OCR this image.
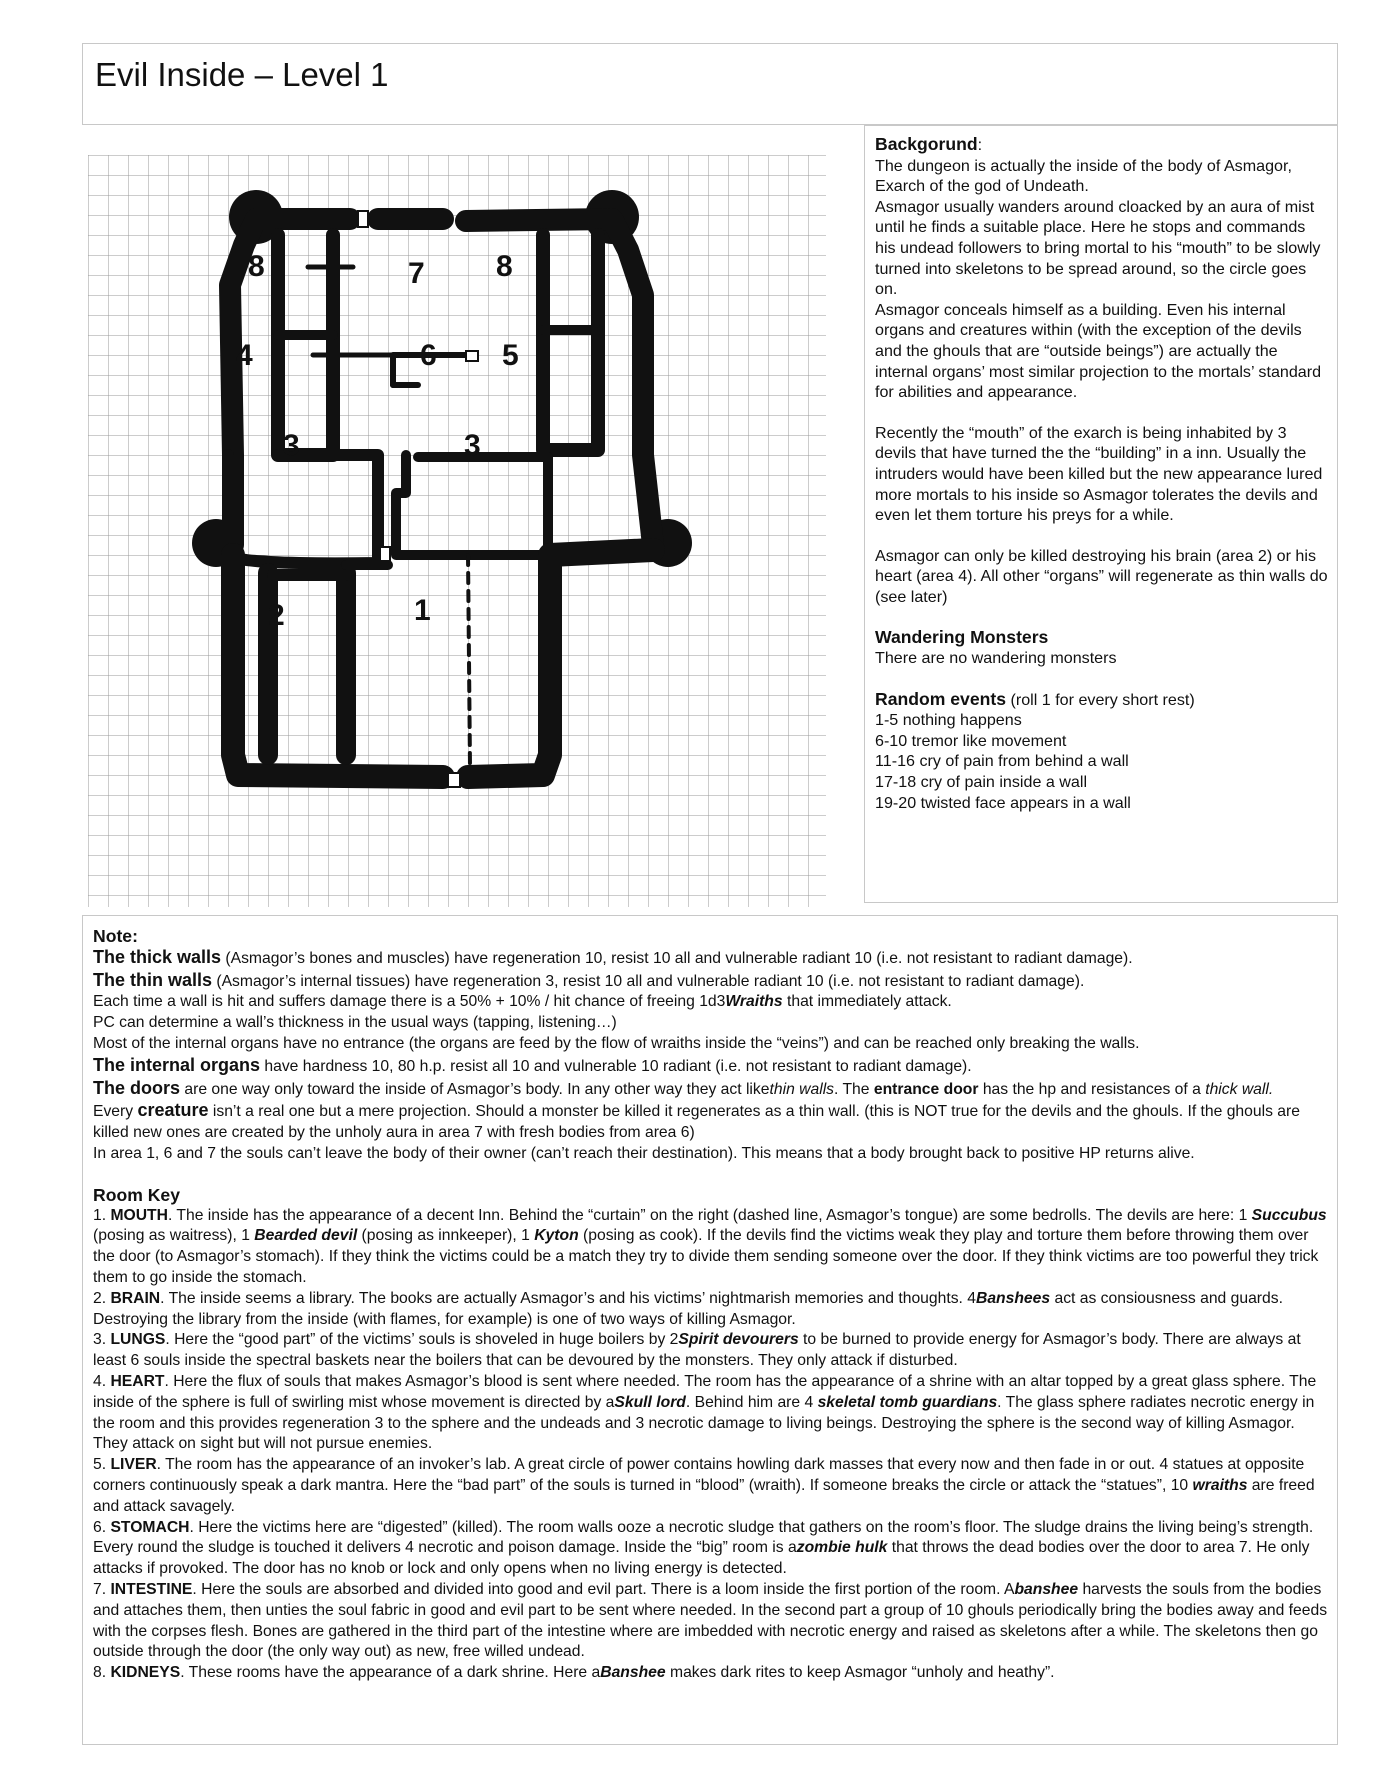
Evil Inside – Level 1
8	7 8
4	6 5
3	3
2	1

Backgorund:

The dungeon is actually the inside of the body of Asmagor, Exarch of the god of Undeath.

Asmagor usually wanders around cloacked by an aura of mist until he finds a suitable place. Here he stops and commands his undead followers to bring mortal to his “mouth” to be slowly turned into skeletons to be spread around, so the circle goes on.

Asmagor conceals himself as a building. Even his internal organs and creatures within (with the exception of the devils and the ghouls that are “outside beings”) are actually the internal organs’ most similar projection to the mortals’ standard for abilities and appearance.

Recently the “mouth” of the exarch is being inhabited by 3 devils that have turned the the “building” in a inn. Usually the intruders would have been killed but the new appearance lured more mortals to his inside so Asmagor tolerates the devils and even let them torture his preys for a while.

Asmagor can only be killed destroying his brain (area 2) or his heart (area 4). All other “organs” will regenerate as thin walls do (see later)

Wandering Monsters

There are no wandering monsters

Random events (roll 1 for every short rest)

1-5 nothing happens

6-10 tremor like movement

11-16 cry of pain from behind a wall

17-18 cry of pain inside a wall

19-20 twisted face appears in a wall

Note:

The thick walls (Asmagor’s bones and muscles) have regeneration 10, resist 10 all and vulnerable radiant 10 (i.e. not resistant to radiant damage).

The thin walls (Asmagor’s internal tissues) have regeneration 3, resist 10 all and vulnerable radiant 10 (i.e. not resistant to radiant damage).

Each time a wall is hit and suffers damage there is a 50% + 10% / hit chance of freeing 1d3Wraiths that immediately attack.

PC can determine a wall’s thickness in the usual ways (tapping, listening…)

Most of the internal organs have no entrance (the organs are feed by the flow of wraiths inside the “veins”) and can be reached only breaking the walls.

The internal organs have hardness 10, 80 h.p. resist all 10 and vulnerable 10 radiant (i.e. not resistant to radiant damage).

The doors are one way only toward the inside of Asmagor’s body. In any other way they act likethin walls. The entrance door has the hp and resistances of a thick wall.

Every creature isn’t a real one but a mere projection. Should a monster be killed it regenerates as a thin wall. (this is NOT true for the devils and the ghouls. If the ghouls are killed new ones are created by the unholy aura in area 7 with fresh bodies from area 6)

In area 1, 6 and 7 the souls can’t leave the body of their owner (can’t reach their destination). This means that a body brought back to positive HP returns alive.

Room Key

1. MOUTH. The inside has the appearance of a decent Inn. Behind the “curtain” on the right (dashed line, Asmagor’s tongue) are some bedrolls. The devils are here: 1 Succubus (posing as waitress), 1 Bearded devil (posing as innkeeper), 1 Kyton (posing as cook). If the devils find the victims weak they play and torture them before throwing them over the door (to Asmagor’s stomach). If they think the victims could be a match they try to divide them sending someone over the door. If they think victims are too powerful they trick them to go inside the stomach.

2. BRAIN. The inside seems a library. The books are actually Asmagor’s and his victims’ nightmarish memories and thoughts. 4Banshees act as consiousness and guards. Destroying the library from the inside (with flames, for example) is one of two ways of killing Asmagor.

3. LUNGS. Here the “good part” of the victims’ souls is shoveled in huge boilers by 2Spirit devourers to be burned to provide energy for Asmagor’s body. There are always at least 6 souls inside the spectral baskets near the boilers that can be devoured by the monsters. They only attack if disturbed.

4. HEART. Here the flux of souls that makes Asmagor’s blood is sent where needed. The room has the appearance of a shrine with an altar topped by a great glass sphere. The inside of the sphere is full of swirling mist whose movement is directed by aSkull lord. Behind him are 4 skeletal tomb guardians. The glass sphere radiates necrotic energy in the room and this provides regeneration 3 to the sphere and the undeads and 3 necrotic damage to living beings. Destroying the sphere is the second way of killing Asmagor. They attack on sight but will not pursue enemies.

5. LIVER. The room has the appearance of an invoker’s lab. A great circle of power contains howling dark masses that every now and then fade in or out. 4 statues at opposite corners continuously speak a dark mantra. Here the “bad part” of the souls is turned in “blood” (wraith). If someone breaks the circle or attack the “statues”, 10 wraiths are freed and attack savagely.

6. STOMACH. Here the victims here are “digested” (killed). The room walls ooze a necrotic sludge that gathers on the room’s floor. The sludge drains the living being’s strength. Every round the sludge is touched it delivers 4 necrotic and poison damage. Inside the “big” room is azombie hulk that throws the dead bodies over the door to area 7. He only attacks if provoked. The door has no knob or lock and only opens when no living energy is detected.

7. INTESTINE. Here the souls are absorbed and divided into good and evil part. There is a loom inside the first portion of the room. Abanshee harvests the souls from the bodies and attaches them, then unties the soul fabric in good and evil part to be sent where needed. In the second part a group of 10 ghouls periodically bring the bodies away and feeds with the corpses flesh. Bones are gathered in the third part of the intestine where are imbedded with necrotic energy and raised as skeletons after a while. The skeletons then go outside through the door (the only way out) as new, free willed undead.

8. KIDNEYS. These rooms have the appearance of a dark shrine. Here aBanshee makes dark rites to keep Asmagor “unholy and heathy”.
